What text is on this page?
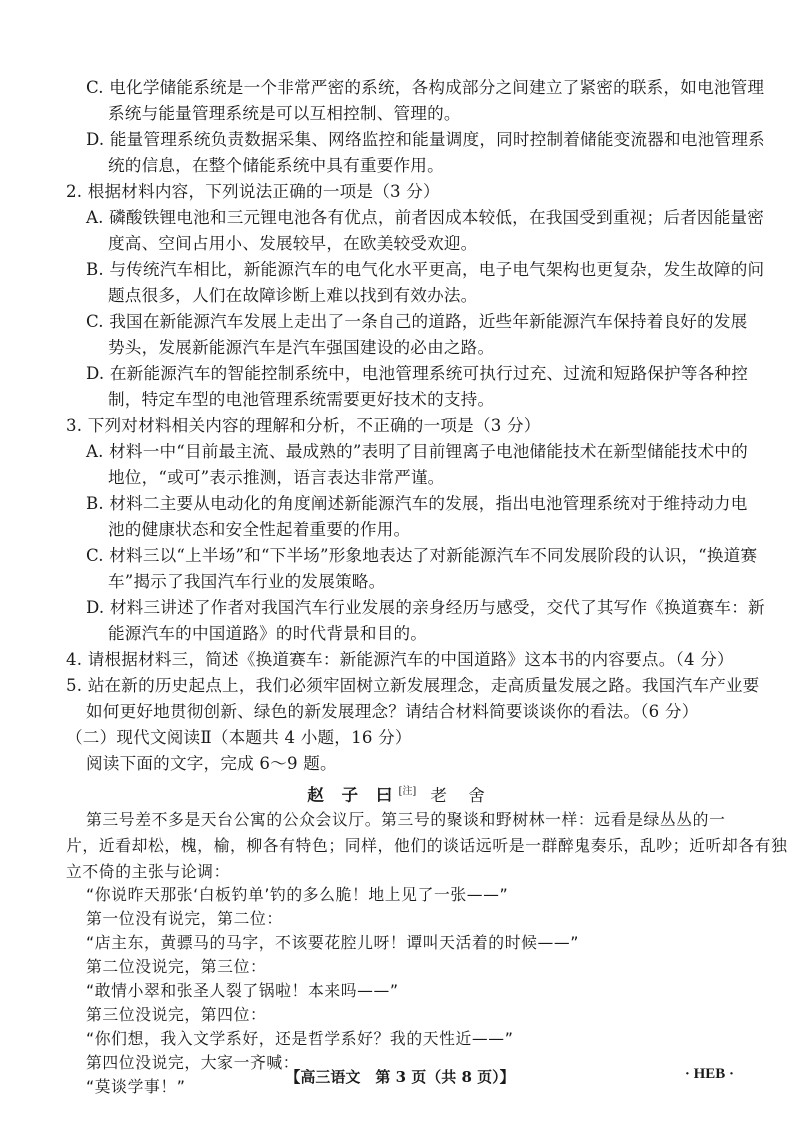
C. 电化学储能系统是一个非常严密的系统，各构成部分之间建立了紧密的联系，如电池管理
系统与能量管理系统是可以互相控制、管理的。
D. 能量管理系统负责数据采集、网络监控和能量调度，同时控制着储能变流器和电池管理系
统的信息，在整个储能系统中具有重要作用。
2. 根据材料内容，下列说法正确的一项是（3 分）
A. 磷酸铁锂电池和三元锂电池各有优点，前者因成本较低，在我国受到重视；后者因能量密
度高、空间占用小、发展较早，在欧美较受欢迎。
B. 与传统汽车相比，新能源汽车的电气化水平更高，电子电气架构也更复杂，发生故障的问
题点很多，人们在故障诊断上难以找到有效办法。
C. 我国在新能源汽车发展上走出了一条自己的道路，近些年新能源汽车保持着良好的发展
势头，发展新能源汽车是汽车强国建设的必由之路。
D. 在新能源汽车的智能控制系统中，电池管理系统可执行过充、过流和短路保护等各种控
制，特定车型的电池管理系统需要更好技术的支持。
3. 下列对材料相关内容的理解和分析，不正确的一项是（3 分）
A. 材料一中“目前最主流、最成熟的”表明了目前锂离子电池储能技术在新型储能技术中的
地位，“或可”表示推测，语言表达非常严谨。
B. 材料二主要从电动化的角度阐述新能源汽车的发展，指出电池管理系统对于维持动力电
池的健康状态和安全性起着重要的作用。
C. 材料三以“上半场”和“下半场”形象地表达了对新能源汽车不同发展阶段的认识，“换道赛
车”揭示了我国汽车行业的发展策略。
D. 材料三讲述了作者对我国汽车行业发展的亲身经历与感受，交代了其写作《换道赛车：新
能源汽车的中国道路》的时代背景和目的。
4. 请根据材料三，简述《换道赛车：新能源汽车的中国道路》这本书的内容要点。（4 分）
5. 站在新的历史起点上，我们必须牢固树立新发展理念，走高质量发展之路。我国汽车产业要
如何更好地贯彻创新、绿色的新发展理念？请结合材料简要谈谈你的看法。（6 分）
（二）现代文阅读Ⅱ（本题共 4 小题，16 分）
阅读下面的文字，完成 6～9 题。
赵 子 曰[注] 老 舍
第三号差不多是天台公寓的公众会议厅。第三号的聚谈和野树林一样：远看是绿丛丛的一
片，近看却松，槐，榆，柳各有特色；同样，他们的谈话远听是一群醉鬼奏乐，乱吵；近听却各有独
立不倚的主张与论调：
“你说昨天那张‘白板钓单’钓的多么脆！地上见了一张——”
第一位没有说完，第二位：
“店主东，黄骠马的马字，不该要花腔儿呀！谭叫天活着的时候——”
第二位没说完，第三位：
“敢情小翠和张圣人裂了锅啦！本来吗——”
第三位没说完，第四位：
“你们想，我入文学系好，还是哲学系好？我的天性近——”
第四位没说完，大家一齐喊：
“莫谈学事！”	【高三语文　第 3 页（共 8 页）】	· HEB ·
